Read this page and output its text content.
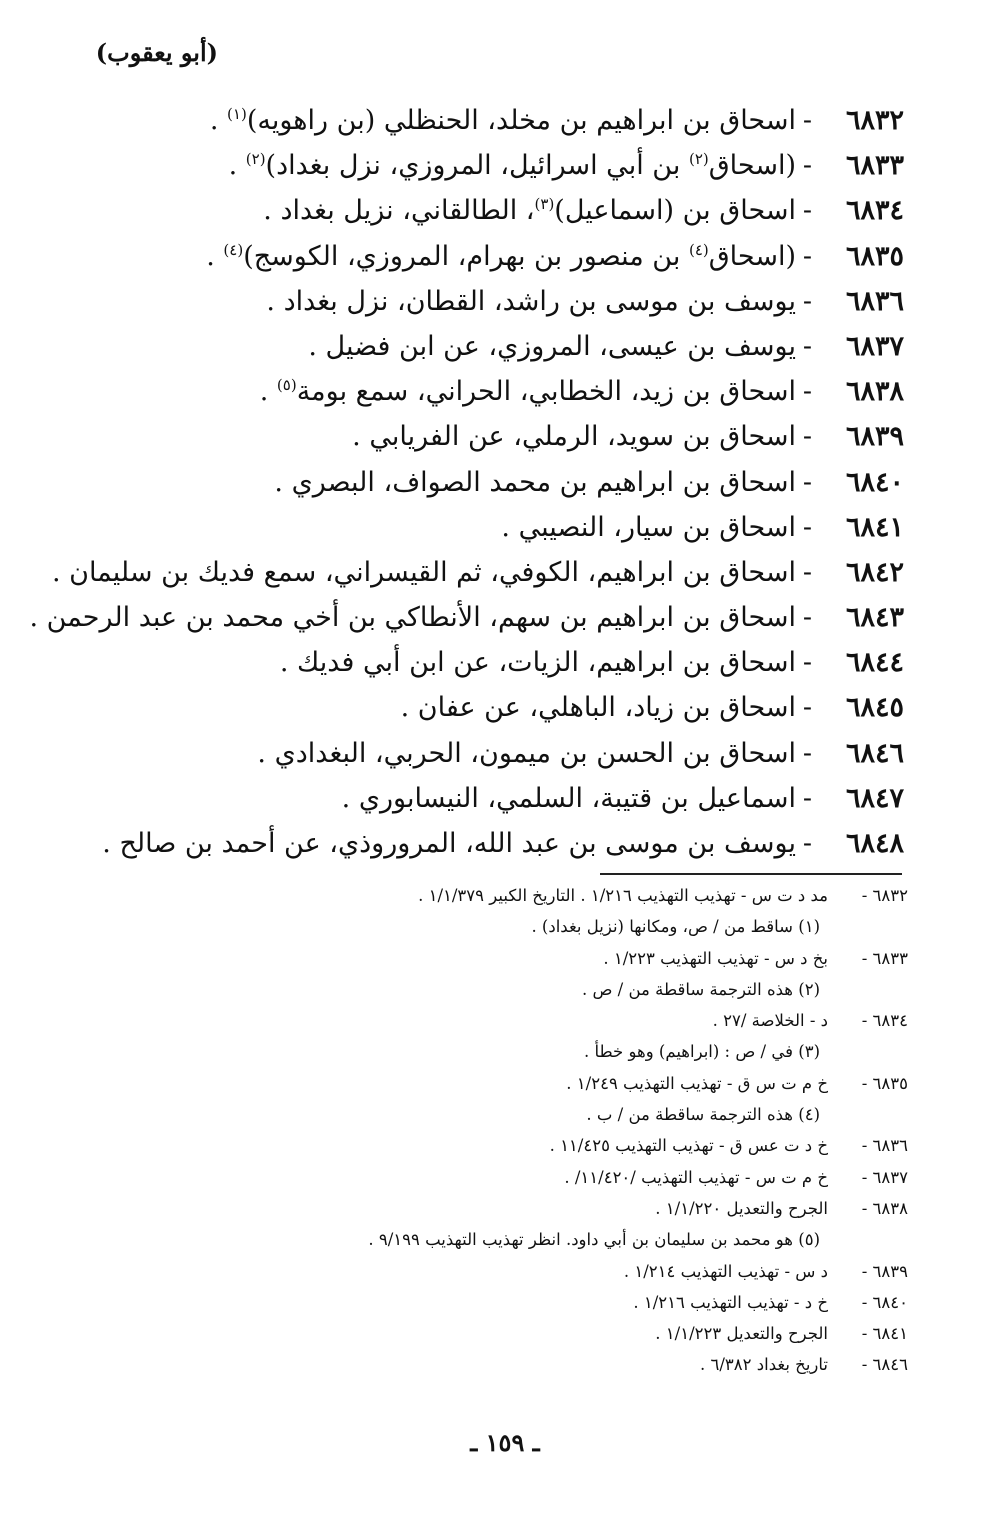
(أبو يعقوب)
٦٨٣٢-اسحاق بن ابراهيم بن مخلد، الحنظلي (بن راهويه)$^{(١)}$ .
٦٨٣٣-(اسحاق$^{(٢)}$ بن أبي اسرائيل، المروزي، نزل بغداد)$^{(٢)}$ .
٦٨٣٤-اسحاق بن (اسماعيل)$^{(٣)}$، الطالقاني، نزيل بغداد .
٦٨٣٥-(اسحاق$^{(٤)}$ بن منصور بن بهرام، المروزي، الكوسج)$^{(٤)}$ .
٦٨٣٦-يوسف بن موسى بن راشد، القطان، نزل بغداد .
٦٨٣٧-يوسف بن عيسى، المروزي، عن ابن فضيل .
٦٨٣٨-اسحاق بن زيد، الخطابي، الحراني، سمع بومة$^{(٥)}$ .
٦٨٣٩-اسحاق بن سويد، الرملي، عن الفريابي .
٦٨٤٠-اسحاق بن ابراهيم بن محمد الصواف، البصري .
٦٨٤١-اسحاق بن سيار، النصيبي .
٦٨٤٢-اسحاق بن ابراهيم، الكوفي، ثم القيسراني، سمع فديك بن سليمان .
٦٨٤٣-اسحاق بن ابراهيم بن سهم، الأنطاكي بن أخي محمد بن عبد الرحمن .
٦٨٤٤-اسحاق بن ابراهيم، الزيات، عن ابن أبي فديك .
٦٨٤٥-اسحاق بن زياد، الباهلي، عن عفان .
٦٨٤٦-اسحاق بن الحسن بن ميمون، الحربي، البغدادي .
٦٨٤٧-اسماعيل بن قتيبة، السلمي، النيسابوري .
٦٨٤٨-يوسف بن موسى بن عبد الله، المروروذي، عن أحمد بن صالح .
٦٨٣٢ -مد د ت س - تهذيب التهذيب ١/٢١٦ . التاريخ الكبير ١/١/٣٧٩ .
(١) ساقط من / ص، ومكانها (نزيل بغداد) .
٦٨٣٣ -بخ د س - تهذيب التهذيب ١/٢٢٣ .
(٢) هذه الترجمة ساقطة من / ص .
٦٨٣٤ -د - الخلاصة /٢٧ .
(٣) في / ص : (ابراهيم) وهو خطأ .
٦٨٣٥ -خ م ت س ق - تهذيب التهذيب ١/٢٤٩ .
(٤) هذه الترجمة ساقطة من / ب .
٦٨٣٦ -خ د ت عس ق - تهذيب التهذيب ١١/٤٢٥ .
٦٨٣٧ -خ م ت س - تهذيب التهذيب /١١/٤٢٠/ .
٦٨٣٨ -الجرح والتعديل ١/١/٢٢٠ .
(٥) هو محمد بن سليمان بن أبي داود. انظر تهذيب التهذيب ٩/١٩٩ .
٦٨٣٩ -د س - تهذيب التهذيب ١/٢١٤ .
٦٨٤٠ -خ د - تهذيب التهذيب ١/٢١٦ .
٦٨٤١ -الجرح والتعديل ١/١/٢٢٣ .
٦٨٤٦ -تاريخ بغداد ٦/٣٨٢ .
ـ ١٥٩ ـ
